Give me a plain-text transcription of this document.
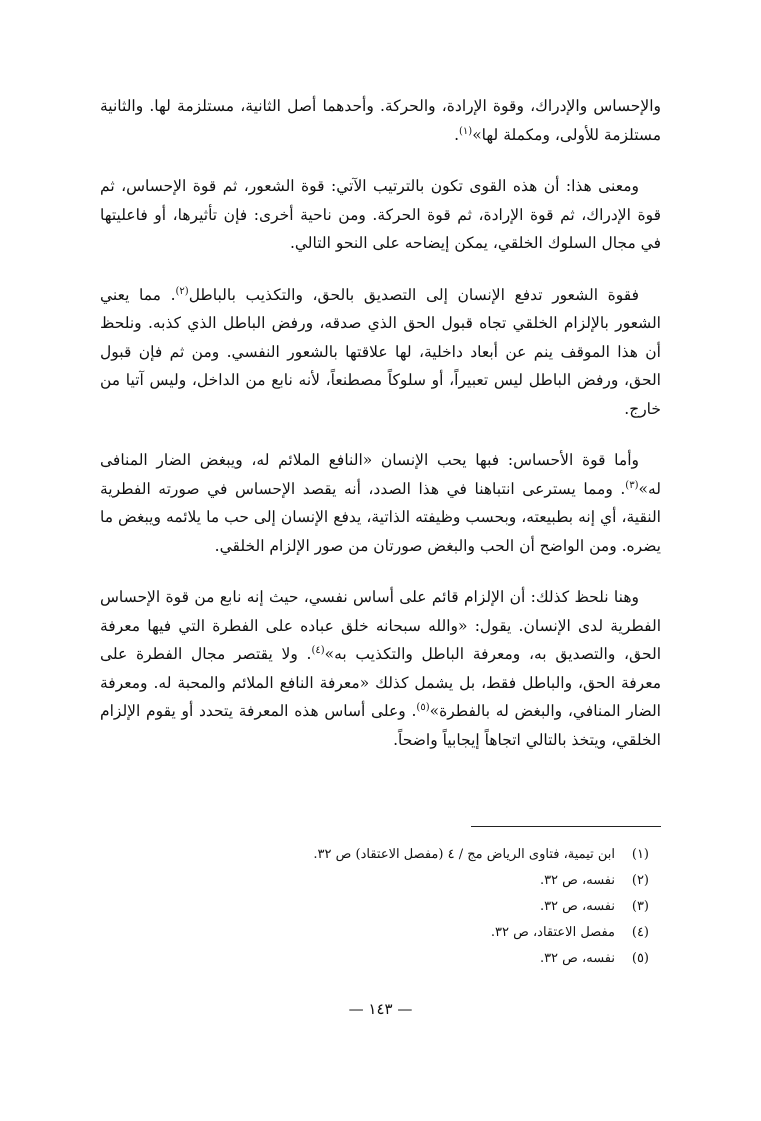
والإحساس والإدراك، وقوة الإرادة، والحركة. وأحدهما أصل الثانية، مستلزمة لها. والثانية مستلزمة للأولى، ومكملة لها»$^{(١)}$.

ومعنى هذا: أن هذه القوى تكون بالترتيب الآتي: قوة الشعور، ثم قوة الإحساس، ثم قوة الإدراك، ثم قوة الإرادة، ثم قوة الحركة. ومن ناحية أخرى: فإن تأثيرها، أو فاعليتها في مجال السلوك الخلقي، يمكن إيضاحه على النحو التالي.

فقوة الشعور تدفع الإنسان إلى التصديق بالحق، والتكذيب بالباطل$^{(٢)}$. مما يعني الشعور بالإلزام الخلقي تجاه قبول الحق الذي صدقه، ورفض الباطل الذي كذبه. ونلحظ أن هذا الموقف ينم عن أبعاد داخلية، لها علاقتها بالشعور النفسي. ومن ثم فإن قبول الحق، ورفض الباطل ليس تعبيراً، أو سلوكاً مصطنعاً، لأنه نابع من الداخل، وليس آتيا من خارج.

وأما قوة الأحساس: فبها يحب الإنسان «النافع الملائم له، ويبغض الضار المنافى له»$^{(٣)}$. ومما يسترعى انتباهنا في هذا الصدد، أنه يقصد الإحساس في صورته الفطرية النقية، أي إنه بطبيعته، وبحسب وظيفته الذاتية، يدفع الإنسان إلى حب ما يلائمه ويبغض ما يضره. ومن الواضح أن الحب والبغض صورتان من صور الإلزام الخلقي.

وهنا نلحظ كذلك: أن الإلزام قائم على أساس نفسي، حيث إنه نابع من قوة الإحساس الفطرية لدى الإنسان. يقول: «والله سبحانه خلق عباده على الفطرة التي فيها معرفة الحق، والتصديق به، ومعرفة الباطل والتكذيب به»$^{(٤)}$. ولا يقتصر مجال الفطرة على معرفة الحق، والباطل فقط، بل يشمل كذلك «معرفة النافع الملائم والمحبة له. ومعرفة الضار المنافي، والبغض له بالفطرة»$^{(٥)}$. وعلى أساس هذه المعرفة يتحدد أو يقوم الإلزام الخلقي، ويتخذ بالتالي اتجاهاً إيجابياً واضحاً.

(١)
ابن تيمية، فتاوى الرياض مج / ٤ (مفصل الاعتقاد) ص ٣٢.
(٢)
نفسه، ص ٣٢.
(٣)
نفسه، ص ٣٢.
(٤)
مفصل الاعتقاد، ص ٣٢.
(٥)
نفسه، ص ٣٢.
— ١٤٣ —
